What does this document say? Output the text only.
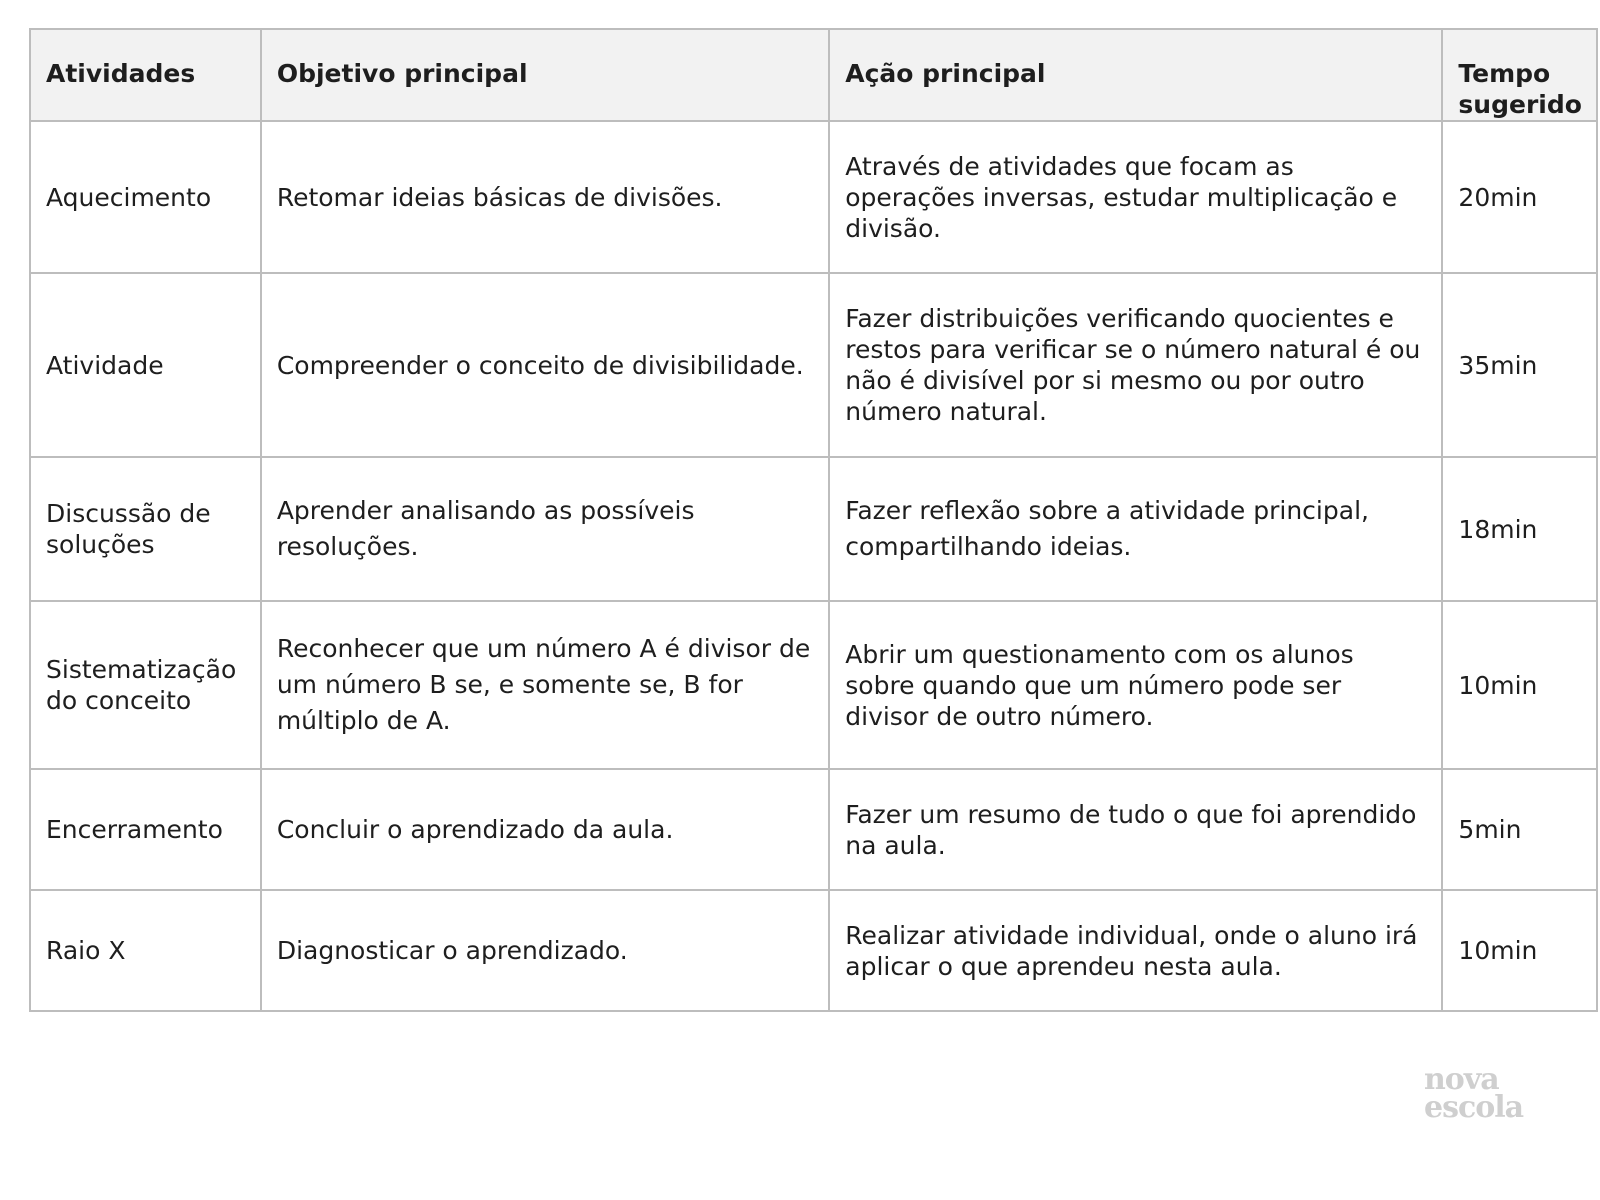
Atividades	Objetivo principal	Ação principal	Tempo sugerido
Aquecimento	Retomar ideias básicas de divisões.	Através de atividades que focam as operações inversas, estudar multiplicação e divisão.	20min
Atividade	Compreender o conceito de divisibilidade.	Fazer distribuições verificando quocientes e restos para verificar se o número natural é ou não é divisível por si mesmo ou por outro número natural.	35min
Discussão de soluções	Aprender analisando as possíveis resoluções.	Fazer reflexão sobre a atividade principal, compartilhando ideias.	18min
Sistematização do conceito	Reconhecer que um número A é divisor de um número B se, e somente se, B for múltiplo de A.	Abrir um questionamento com os alunos sobre quando que um número pode ser divisor de outro número.	10min
Encerramento	Concluir o aprendizado da aula.	Fazer um resumo de tudo o que foi aprendido na aula.	5min
Raio X	Diagnosticar o aprendizado.	Realizar atividade individual, onde o aluno irá aplicar o que aprendeu nesta aula.	10min
nova
escola
